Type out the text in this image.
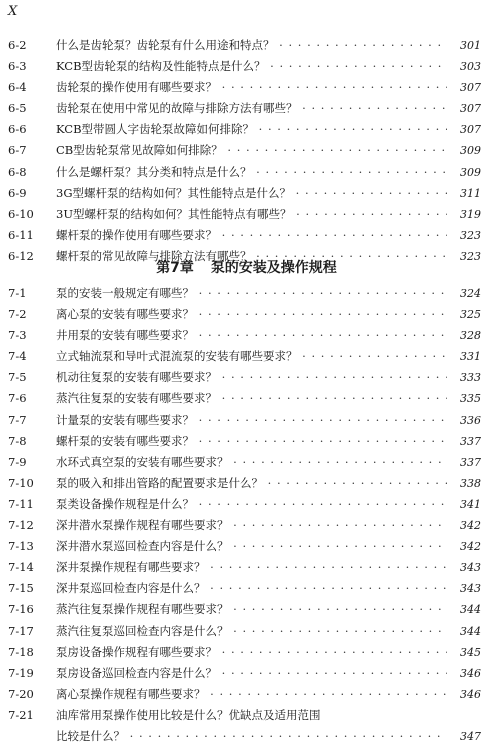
X
6-2	什么是齿轮泵？齿轮泵有什么用途和特点？ · · ·	301
6-3	KCB型齿轮泵的结构及性能特点是什么？ · · ·	303
6-4	齿轮泵的操作使用有哪些要求？ · · ·	307
6-5	齿轮泵在使用中常见的故障与排除方法有哪些？ · · ·	307
6-6	KCB型带圆人字齿轮泵故障如何排除？ · · ·	307
6-7	CB型齿轮泵常见故障如何排除？ · · ·	309
6-8	什么是螺杆泵？其分类和特点是什么？ · · ·	309
6-9	3G型螺杆泵的结构如何？其性能特点是什么？ · · ·	311
6-10	3U型螺杆泵的结构如何？其性能特点有哪些？ · · ·	319
6-11	螺杆泵的操作使用有哪些要求？ · · ·	323
6-12	螺杆泵的常见故障与排除方法有哪些？ · · ·	323
第7章 泵的安装及操作规程
7-1	泵的安装一般规定有哪些？ · · ·	324
7-2	离心泵的安装有哪些要求？ · · ·	325
7-3	井用泵的安装有哪些要求？ · · ·	328
7-4	立式轴流泵和导叶式混流泵的安装有哪些要求？ · · ·	331
7-5	机动往复泵的安装有哪些要求？ · · ·	333
7-6	蒸汽往复泵的安装有哪些要求？ · · ·	335
7-7	计量泵的安装有哪些要求？ · · ·	336
7-8	螺杆泵的安装有哪些要求？ · · ·	337
7-9	水环式真空泵的安装有哪些要求？ · · ·	337
7-10	泵的吸入和排出管路的配置要求是什么？ · · ·	338
7-11	泵类设备操作规程是什么？ · · ·	341
7-12	深井潜水泵操作规程有哪些要求？ · · ·	342
7-13	深井潜水泵巡回检查内容是什么？ · · ·	342
7-14	深井泵操作规程有哪些要求？ · · ·	343
7-15	深井泵巡回检查内容是什么？ · · ·	343
7-16	蒸汽往复泵操作规程有哪些要求？ · · ·	344
7-17	蒸汽往复泵巡回检查内容是什么？ · · ·	344
7-18	泵房设备操作规程有哪些要求？ · · ·	345
7-19	泵房设备巡回检查内容是什么？ · · ·	346
7-20	离心泵操作规程有哪些要求？ · · ·	346
7-21	油库常用泵操作使用比较是什么？优缺点及适用范围
比较是什么？ · · ·	347
